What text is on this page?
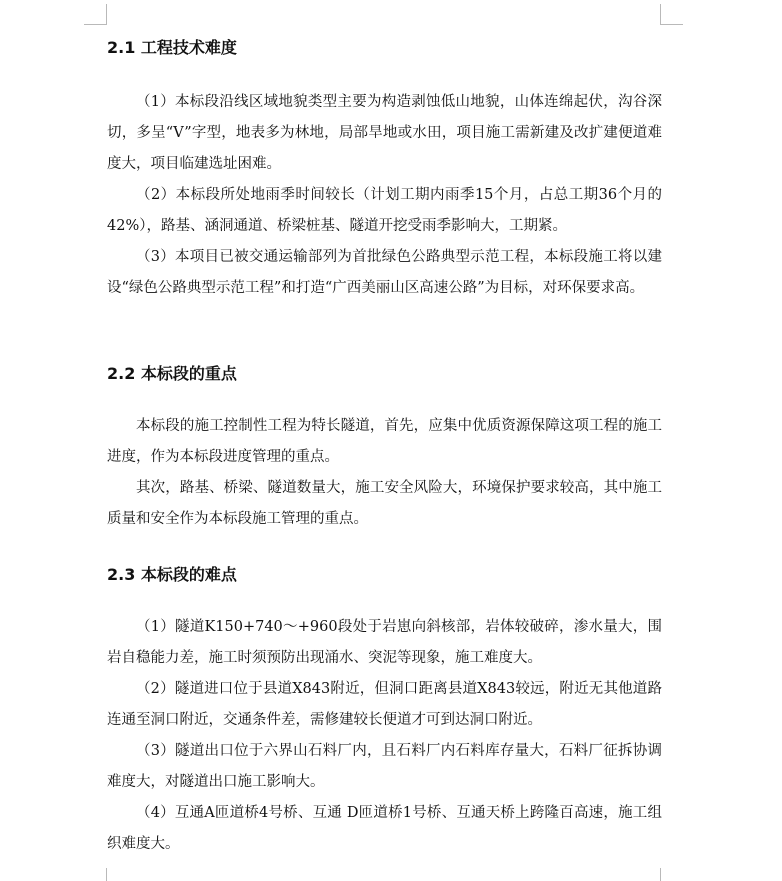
2.1 工程技术难度

（1）本标段沿线区域地貌类型主要为构造剥蚀低山地貌，山体连绵起伏，沟谷深切，多呈“V”字型，地表多为林地，局部旱地或水田，项目施工需新建及改扩建便道难度大，项目临建选址困难。

（2）本标段所处地雨季时间较长（计划工期内雨季15个月，占总工期36个月的42%），路基、涵洞通道、桥梁桩基、隧道开挖受雨季影响大，工期紧。

（3）本项目已被交通运输部列为首批绿色公路典型示范工程，本标段施工将以建设“绿色公路典型示范工程”和打造“广西美丽山区高速公路”为目标，对环保要求高。

2.2 本标段的重点

本标段的施工控制性工程为特长隧道，首先，应集中优质资源保障这项工程的施工进度，作为本标段进度管理的重点。

其次，路基、桥梁、隧道数量大，施工安全风险大，环境保护要求较高，其中施工质量和安全作为本标段施工管理的重点。

2.3 本标段的难点

（1）隧道K150+740～+960段处于岩崽向斜核部，岩体较破碎，渗水量大，围岩自稳能力差，施工时须预防出现涌水、突泥等现象，施工难度大。

（2）隧道进口位于县道X843附近，但洞口距离县道X843较远，附近无其他道路连通至洞口附近，交通条件差，需修建较长便道才可到达洞口附近。

（3）隧道出口位于六界山石料厂内，且石料厂内石料库存量大，石料厂征拆协调难度大，对隧道出口施工影响大。

（4）互通A匝道桥4号桥、互通 D匝道桥1号桥、互通天桥上跨隆百高速，施工组织难度大。
